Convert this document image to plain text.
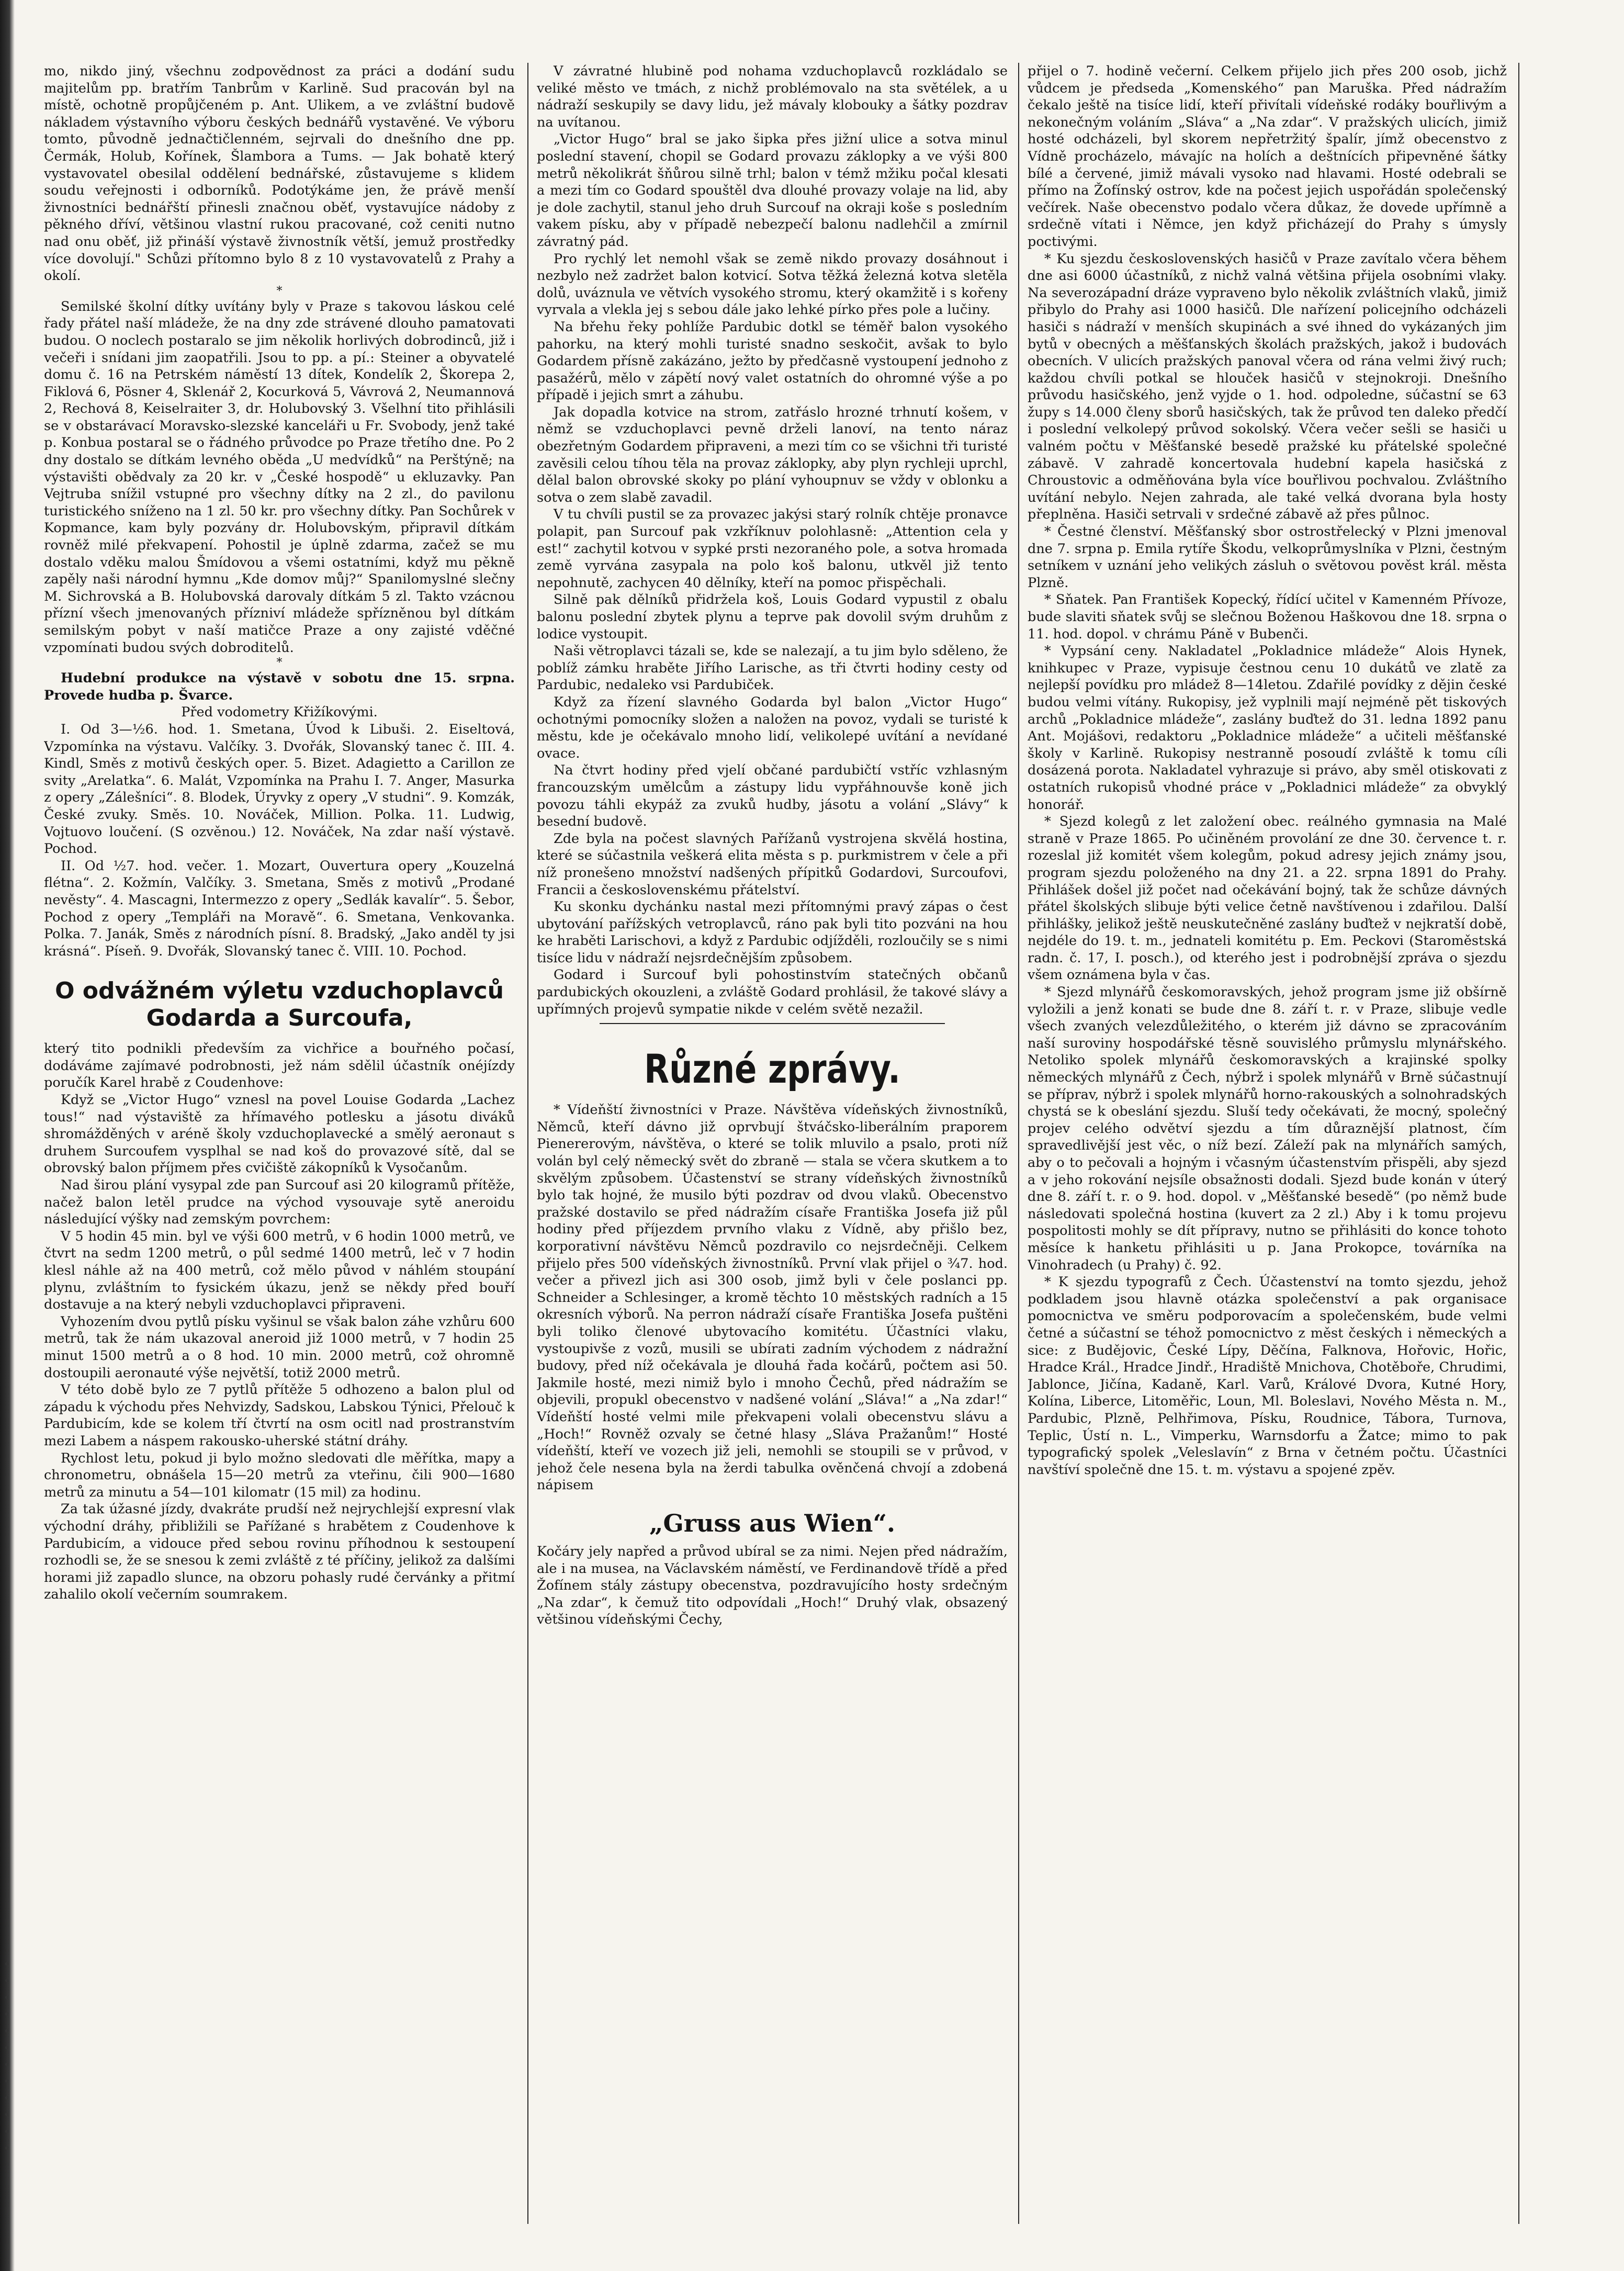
mo, nikdo jiný, všechnu zodpovědnost za práci a dodání sudu majitelům pp. bratřím Tanbrům v Karlině. Sud pracován byl na místě, ochotně propůjčeném p. Ant. Ulikem, a ve zvláštní budově nákladem výstavního výboru českých bednářů vystavěné. Ve výboru tomto, původně jednačtičlenném, sejrvali do dnešního dne pp. Čermák, Holub, Kořínek, Šlambora a Tums. — Jak bohatě který vystavovatel obesilal oddělení bednářské, zůstavujeme s klidem soudu veřejnosti i odborníků. Podotýkáme jen, že právě menší živnostníci bednářští přinesli značnou oběť, vystavujíce nádoby z pěkného dříví, většinou vlastní rukou pracované, což ceniti nutno nad onu oběť, již přináší výstavě živnostník větší, jemuž prostředky více dovolují." Schůzi přítomno bylo 8 z 10 vystavovatelů z Prahy a okolí.

*

Semilské školní dítky uvítány byly v Praze s takovou láskou celé řady přátel naší mládeže, že na dny zde strávené dlouho pamatovati budou. O noclech postaralo se jim několik horlivých dobrodinců, již i večeři i snídani jim zaopatřili. Jsou to pp. a pí.: Steiner a obyvatelé domu č. 16 na Petrském náměstí 13 dítek, Kondelík 2, Škorepa 2, Fiklová 6, Pösner 4, Sklenář 2, Kocurková 5, Vávrová 2, Neumannová 2, Rechová 8, Keiselraiter 3, dr. Holubovský 3. Všelhní tito přihlásili se v obstarávací Moravsko-slezské kanceláři u Fr. Svobody, jenž také p. Konbua postaral se o řádného průvodce po Praze třetího dne. Po 2 dny dostalo se dítkám levného oběda „U medvídků“ na Perštýně; na výstavišti obědvaly za 20 kr. v „České hospodě“ u ekluzavky. Pan Vejtruba snížil vstupné pro všechny dítky na 2 zl., do pavilonu turistického sníženo na 1 zl. 50 kr. pro všechny dítky. Pan Sochůrek v Kopmance, kam byly pozvány dr. Holubovským, připravil dítkám rovněž milé překvapení. Pohostil je úplně zdarma, začež se mu dostalo vděku malou Šmídovou a všemi ostatními, když mu pěkně zapěly naši národní hymnu „Kde domov můj?“ Spanilomyslné slečny M. Sichrovská a B. Holubovská darovaly dítkám 5 zl. Takto vzácnou přízní všech jmenovaných přízniví mládeže spřízněnou byl dítkám semilským pobyt v naší matičce Praze a ony zajisté vděčné vzpomínati budou svých dobroditelů.

*

Hudební produkce na výstavě v sobotu dne 15. srpna. Provede hudba p. Švarce.

Před vodometry Křižíkovými.

I. Od 3—½6. hod. 1. Smetana, Úvod k Libuši. 2. Eiseltová, Vzpomínka na výstavu. Valčíky. 3. Dvořák, Slovanský tanec č. III. 4. Kindl, Směs z motivů českých oper. 5. Bizet. Adagietto a Carillon ze svity „Arelatka“. 6. Malát, Vzpomínka na Prahu I. 7. Anger, Masurka z opery „Zálešníci“. 8. Blodek, Úryvky z opery „V studni“. 9. Komzák, České zvuky. Směs. 10. Nováček, Million. Polka. 11. Ludwig, Vojtuovo loučení. (S ozvěnou.) 12. Nováček, Na zdar naší výstavě. Pochod.

II. Od ½7. hod. večer. 1. Mozart, Ouvertura opery „Kouzelná flétna“. 2. Kožmín, Valčíky. 3. Smetana, Směs z motivů „Prodané nevěsty“. 4. Mascagni, Intermezzo z opery „Sedlák kavalír“. 5. Šebor, Pochod z opery „Templáři na Moravě“. 6. Smetana, Venkovanka. Polka. 7. Janák, Směs z národních písní. 8. Bradský, „Jako anděl ty jsi krásná“. Píseň. 9. Dvořák, Slovanský tanec č. VIII. 10. Pochod.

O odvážném výletu vzduchoplavců Godarda a Surcoufa,

který tito podnikli především za vichřice a bouřného počasí, dodáváme zajímavé podrobnosti, jež nám sdělil účastník onéjízdy poručík Karel hrabě z Coudenhove:

Když se „Victor Hugo“ vznesl na povel Louise Godarda „Lachez tous!“ nad výstaviště za hřímavého potlesku a jásotu diváků shromážděných v aréně školy vzduchoplavecké a smělý aeronaut s druhem Surcoufem vysplhal se nad koš do provazové sítě, dal se obrovský balon příjmem přes cvičiště zákopníků k Vysočanům.

Nad širou plání vysypal zde pan Surcouf asi 20 kilogramů přítěže, načež balon letěl prudce na východ vysouvaje sytě aneroidu následující výšky nad zemským povrchem:

V 5 hodin 45 min. byl ve výši 600 metrů, v 6 hodin 1000 metrů, ve čtvrt na sedm 1200 metrů, o půl sedmé 1400 metrů, leč v 7 hodin klesl náhle až na 400 metrů, což mělo původ v náhlém stoupání plynu, zvláštním to fysickém úkazu, jenž se někdy před bouří dostavuje a na který nebyli vzduchoplavci připraveni.

Vyhozením dvou pytlů písku vyšinul se však balon záhe vzhůru 600 metrů, tak že nám ukazoval aneroid již 1000 metrů, v 7 hodin 25 minut 1500 metrů a o 8 hod. 10 min. 2000 metrů, což ohromně dostoupili aeronauté výše největší, totiž 2000 metrů.

V této době bylo ze 7 pytlů přítěže 5 odhozeno a balon plul od západu k východu přes Nehvizdy, Sadskou, Labskou Týnici, Přelouč k Pardubicím, kde se kolem tří čtvrtí na osm ocitl nad prostranstvím mezi Labem a náspem rakousko-uherské státní dráhy.

Rychlost letu, pokud ji bylo možno sledovati dle měřítka, mapy a chronometru, obnášela 15—20 metrů za vteřinu, čili 900—1680 metrů za minutu a 54—101 kilomatr (15 mil) za hodinu.

Za tak úžasné jízdy, dvakráte prudší než nejrychlejší expresní vlak východní dráhy, přibližili se Pařížané s hrabětem z Coudenhove k Pardubicím, a vidouce před sebou rovinu příhodnou k sestoupení rozhodli se, že se snesou k zemi zvláště z té příčiny, jelikož za dalšími horami již zapadlo slunce, na obzoru pohasly rudé červánky a přitmí zahalilo okolí večerním soumrakem.

V závratné hlubině pod nohama vzduchoplavců rozkládalo se veliké město ve tmách, z nichž problémovalo na sta světélek, a u nádraží seskupily se davy lidu, jež mávaly klobouky a šátky pozdrav na uvítanou.

„Victor Hugo“ bral se jako šipka přes jižní ulice a sotva minul poslední stavení, chopil se Godard provazu záklopky a ve výši 800 metrů několikrát šňůrou silně trhl; balon v témž mžiku počal klesati a mezi tím co Godard spouštěl dva dlouhé provazy volaje na lid, aby je dole zachytil, stanul jeho druh Surcouf na okraji koše s posledním vakem písku, aby v případě nebezpečí balonu nadlehčil a zmírnil závratný pád.

Pro rychlý let nemohl však se země nikdo provazy dosáhnout i nezbylo než zadržet balon kotvicí. Sotva těžká železná kotva sletěla dolů, uváznula ve větvích vysokého stromu, který okamžitě i s kořeny vyrvala a vlekla jej s sebou dále jako lehké pírko přes pole a lučiny.

Na břehu řeky pohlíže Pardubic dotkl se téměř balon vysokého pahorku, na který mohli turisté snadno seskočit, avšak to bylo Godardem přísně zakázáno, ježto by předčasně vystoupení jednoho z pasažérů, mělo v zápětí nový valet ostatních do ohromné výše a po případě i jejich smrt a záhubu.

Jak dopadla kotvice na strom, zatřáslo hrozné trhnutí košem, v němž se vzduchoplavci pevně drželi lanoví, na tento náraz obezřetným Godardem připraveni, a mezi tím co se všichni tři turisté zavěsili celou tíhou těla na provaz záklopky, aby plyn rychleji uprchl, dělal balon obrovské skoky po plání vyhoupnuv se vždy v oblonku a sotva o zem slabě zavadil.

V tu chvíli pustil se za provazec jakýsi starý rolník chtěje pronavce polapit, pan Surcouf pak vzkříknuv polohlasně: „Attention cela y est!“ zachytil kotvou v sypké prsti nezoraného pole, a sotva hromada země vyrvána zasypala na polo koš balonu, utkvěl již tento nepohnutě, zachycen 40 dělníky, kteří na pomoc přispěchali.

Silně pak dělníků přidržela koš, Louis Godard vypustil z obalu balonu poslední zbytek plynu a teprve pak dovolil svým druhům z lodice vystoupit.

Naši větroplavci tázali se, kde se nalezají, a tu jim bylo sděleno, že poblíž zámku hraběte Jiřího Larische, as tři čtvrti hodiny cesty od Pardubic, nedaleko vsi Pardubiček.

Když za řízení slavného Godarda byl balon „Victor Hugo“ ochotnými pomocníky složen a naložen na povoz, vydali se turisté k městu, kde je očekávalo mnoho lidí, velikolepé uvítání a nevídané ovace.

Na čtvrt hodiny před vjelí občané pardubičtí vstříc vzhlasným francouzským umělcům a zástupy lidu vypřáhnouvše koně jich povozu táhli ekypáž za zvuků hudby, jásotu a volání „Slávy“ k besední budově.

Zde byla na počest slavných Pařížanů vystrojena skvělá hostina, které se súčastnila veškerá elita města s p. purkmistrem v čele a při níž pronešeno množství nadšených přípitků Godardovi, Surcoufovi, Francii a československému přátelství.

Ku skonku dychánku nastal mezi přítomnými pravý zápas o čest ubytování pařížských vetroplavců, ráno pak byli tito pozváni na hou ke hraběti Larischovi, a když z Pardubic odjížděli, rozloučily se s nimi tisíce lidu v nádraží nejsrdečnějším způsobem.

Godard i Surcouf byli pohostinstvím statečných občanů pardubických okouzleni, a zvláště Godard prohlásil, že takové slávy a upřímných projevů sympatie nikde v celém světě nezažil.

Různé zprávy.

* Vídeňští živnostníci v Praze. Návštěva vídeňských živnostníků, Němců, kteří dávno již oprvbují štváčsko-liberálním praporem Pienererovým, návštěva, o které se tolik mluvilo a psalo, proti níž volán byl celý německý svět do zbraně — stala se včera skutkem a to skvělým způsobem. Účastenství se strany vídeňských živnostníků bylo tak hojné, že musilo býti pozdrav od dvou vlaků. Obecenstvo pražské dostavilo se před nádražím císaře Františka Josefa již půl hodiny před příjezdem prvního vlaku z Vídně, aby přišlo bez, korporativní návštěvu Němců pozdravilo co nejsrdečněji. Celkem přijelo přes 500 vídeňských živnostníků. První vlak přijel o ¾7. hod. večer a přivezl jich asi 300 osob, jimž byli v čele poslanci pp. Schneider a Schlesinger, a kromě těchto 10 městských radních a 15 okresních výborů. Na perron nádraží císaře Františka Josefa puštěni byli toliko členové ubytovacího komitétu. Účastníci vlaku, vystoupivše z vozů, musili se ubírati zadním východem z nádražní budovy, před níž očekávala je dlouhá řada kočárů, počtem asi 50. Jakmile hosté, mezi nimiž bylo i mnoho Čechů, před nádražím se objevili, propukl obecenstvo v nadšené volání „Sláva!“ a „Na zdar!“ Vídeňští hosté velmi mile překvapeni volali obecenstvu slávu a „Hoch!“ Rovněž ozvaly se četné hlasy „Sláva Pražanům!“ Hosté vídeňští, kteří ve vozech již jeli, nemohli se stoupili se v průvod, v jehož čele nesena byla na žerdi tabulka ověnčená chvojí a zdobená nápisem

„Gruss aus Wien“.

Kočáry jely napřed a průvod ubíral se za nimi. Nejen před nádražím, ale i na musea, na Václavském náměstí, ve Ferdinandově třídě a před Žofínem stály zástupy obecenstva, pozdravujícího hosty srdečným „Na zdar“, k čemuž tito odpovídali „Hoch!“ Druhý vlak, obsazený většinou vídeňskými Čechy,

přijel o 7. hodině večerní. Celkem přijelo jich přes 200 osob, jichž vůdcem je předseda „Komenského“ pan Maruška. Před nádražím čekalo ještě na tisíce lidí, kteří přivítali vídeňské rodáky bouřlivým a nekonečným voláním „Sláva“ a „Na zdar“. V pražských ulicích, jimiž hosté odcházeli, byl skorem nepřetržitý špalír, jímž obecenstvo z Vídně procházelo, mávajíc na holích a deštnících připevněné šátky bílé a červené, jimiž mávali vysoko nad hlavami. Hosté odebrali se přímo na Žofínský ostrov, kde na počest jejich uspořádán společenský večírek. Naše obecenstvo podalo včera důkaz, že dovede upřímně a srdečně vítati i Němce, jen když přicházejí do Prahy s úmysly poctivými.

* Ku sjezdu československých hasičů v Praze zavítalo včera během dne asi 6000 účastníků, z nichž valná většina přijela osobními vlaky. Na severozápadní dráze vypraveno bylo několik zvláštních vlaků, jimiž přibylo do Prahy asi 1000 hasičů. Dle nařízení policejního odcházeli hasiči s nádraží v menších skupinách a své ihned do vykázaných jim bytů v obecných a měšťanských školách pražských, jakož i budovách obecních. V ulicích pražských panoval včera od rána velmi živý ruch; každou chvíli potkal se hlouček hasičů v stejnokroji. Dnešního průvodu hasičského, jenž vyjde o 1. hod. odpoledne, súčastní se 63 župy s 14.000 členy sborů hasičských, tak že průvod ten daleko předčí i poslední velkolepý průvod sokolský. Včera večer sešli se hasiči u valném počtu v Měšťanské besedě pražské ku přátelské společné zábavě. V zahradě koncertovala hudební kapela hasičská z Chroustovic a odměňována byla více bouřlivou pochvalou. Zvláštního uvítání nebylo. Nejen zahrada, ale také velká dvorana byla hosty přeplněna. Hasiči setrvali v srdečné zábavě až přes půlnoc.

* Čestné členství. Měšťanský sbor ostrostřelecký v Plzni jmenoval dne 7. srpna p. Emila rytíře Škodu, velkoprůmyslníka v Plzni, čestným setníkem v uznání jeho velikých zásluh o světovou pověst král. města Plzně.

* Sňatek. Pan František Kopecký, řídící učitel v Kamenném Přívoze, bude slaviti sňatek svůj se slečnou Boženou Haškovou dne 18. srpna o 11. hod. dopol. v chrámu Páně v Bubenči.

* Vypsání ceny. Nakladatel „Pokladnice mládeže“ Alois Hynek, knihkupec v Praze, vypisuje čestnou cenu 10 dukátů ve zlatě za nejlepší povídku pro mládež 8—14letou. Zdařilé povídky z dějin české budou velmi vítány. Rukopisy, jež vyplnili mají nejméně pět tiskových archů „Pokladnice mládeže“, zaslány buďtež do 31. ledna 1892 panu Ant. Mojášovi, redaktoru „Pokladnice mládeže“ a učiteli měšťanské školy v Karlině. Rukopisy nestranně posoudí zvláště k tomu cíli dosázená porota. Nakladatel vyhrazuje si právo, aby směl otiskovati z ostatních rukopisů vhodné práce v „Pokladnici mládeže“ za obvyklý honorář.

* Sjezd kolegů z let založení obec. reálného gymnasia na Malé straně v Praze 1865. Po učiněném provolání ze dne 30. července t. r. rozeslal již komitét všem kolegům, pokud adresy jejich známy jsou, program sjezdu položeného na dny 21. a 22. srpna 1891 do Prahy. Přihlášek došel již počet nad očekávání bojný, tak že schůze dávných přátel školských slibuje býti velice četně navštívenou i zdařilou. Další přihlášky, jelikož ještě neuskutečněné zaslány buďtež v nejkratší době, nejdéle do 19. t. m., jednateli komitétu p. Em. Peckovi (Staroměstská radn. č. 17, I. posch.), od kterého jest i podrobnější zpráva o sjezdu všem oznámena byla v čas.

* Sjezd mlynářů českomoravských, jehož program jsme již obšírně vyložili a jenž konati se bude dne 8. září t. r. v Praze, slibuje vedle všech zvaných velezdůležitého, o kterém již dávno se zpracováním naší suroviny hospodářské těsně souvislého průmyslu mlynářského. Netoliko spolek mlynářů českomoravských a krajinské spolky německých mlynářů z Čech, nýbrž i spolek mlynářů v Brně súčastnují se příprav, nýbrž i spolek mlynářů horno-rakouských a solnohradských chystá se k obeslání sjezdu. Sluší tedy očekávati, že mocný, společný projev celého odvětví sjezdu a tím důraznější platnost, čím spravedlivější jest věc, o níž bezí. Záleží pak na mlynářích samých, aby o to pečovali a hojným i včasným účastenstvím přispěli, aby sjezd a v jeho rokování nejsíle obsažnosti dodali. Sjezd bude konán v úterý dne 8. září t. r. o 9. hod. dopol. v „Měšťanské besedě“ (po němž bude následovati společná hostina (kuvert za 2 zl.) Aby i k tomu projevu pospolitosti mohly se dít přípravy, nutno se přihlásiti do konce tohoto měsíce k hanketu přihlásiti u p. Jana Prokopce, továrníka na Vinohradech (u Prahy) č. 92.

* K sjezdu typografů z Čech. Účastenství na tomto sjezdu, jehož podkladem jsou hlavně otázka společenství a pak organisace pomocnictva ve směru podporovacím a společenském, bude velmi četné a súčastní se téhož pomocnictvo z měst českých i německých a sice: z Budějovic, České Lípy, Děčína, Falknova, Hořovic, Hořic, Hradce Král., Hradce Jindř., Hradiště Mnichova, Chotěboře, Chrudimi, Jablonce, Jičína, Kadaně, Karl. Varů, Králové Dvora, Kutné Hory, Kolína, Liberce, Litoměřic, Loun, Ml. Boleslavi, Nového Města n. M., Pardubic, Plzně, Pelhřimova, Písku, Roudnice, Tábora, Turnova, Teplic, Ústí n. L., Vimperku, Warnsdorfu a Žatce; mimo to pak typografický spolek „Veleslavín“ z Brna v četném počtu. Účastníci navštíví společně dne 15. t. m. výstavu a spojené zpěv.
